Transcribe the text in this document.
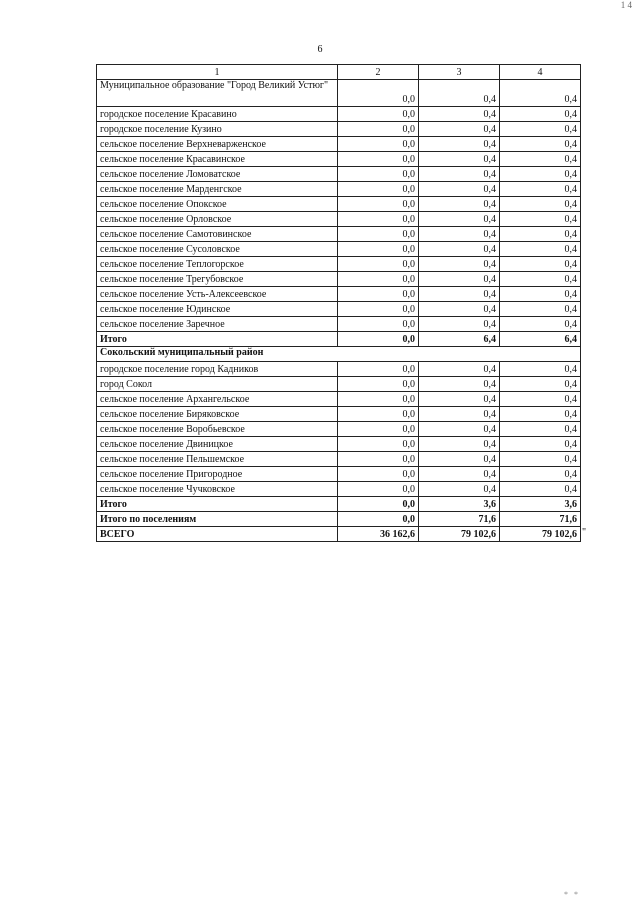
1 4
6
1	2	3	4
Муниципальное образование "Город Великий Устюг"	0,0	0,4	0,4
городское поселение Красавино	0,0	0,4	0,4
городское поселение Кузино	0,0	0,4	0,4
сельское поселение Верхневарженское	0,0	0,4	0,4
сельское поселение Красавинское	0,0	0,4	0,4
сельское поселение Ломоватское	0,0	0,4	0,4
сельское поселение Марденгское	0,0	0,4	0,4
сельское поселение Опокское	0,0	0,4	0,4
сельское поселение Орловское	0,0	0,4	0,4
сельское поселение Самотовинское	0,0	0,4	0,4
сельское поселение Сусоловское	0,0	0,4	0,4
сельское поселение Теплогорское	0,0	0,4	0,4
сельское поселение Трегубовское	0,0	0,4	0,4
сельское поселение Усть-Алексеевское	0,0	0,4	0,4
сельское поселение Юдинское	0,0	0,4	0,4
сельское поселение Заречное	0,0	0,4	0,4
Итого	0,0	6,4	6,4
Сокольский муниципальный район			
городское поселение город Кадников	0,0	0,4	0,4
город Сокол	0,0	0,4	0,4
сельское поселение Архангельское	0,0	0,4	0,4
сельское поселение Биряковское	0,0	0,4	0,4
сельское поселение Воробьевское	0,0	0,4	0,4
сельское поселение Двиницкое	0,0	0,4	0,4
сельское поселение Пельшемское	0,0	0,4	0,4
сельское поселение Пригородное	0,0	0,4	0,4
сельское поселение Чучковское	0,0	0,4	0,4
Итого	0,0	3,6	3,6
Итого по поселениям	0,0	71,6	71,6
ВСЕГО	36 162,6	79 102,6	79 102,6 "
* *
